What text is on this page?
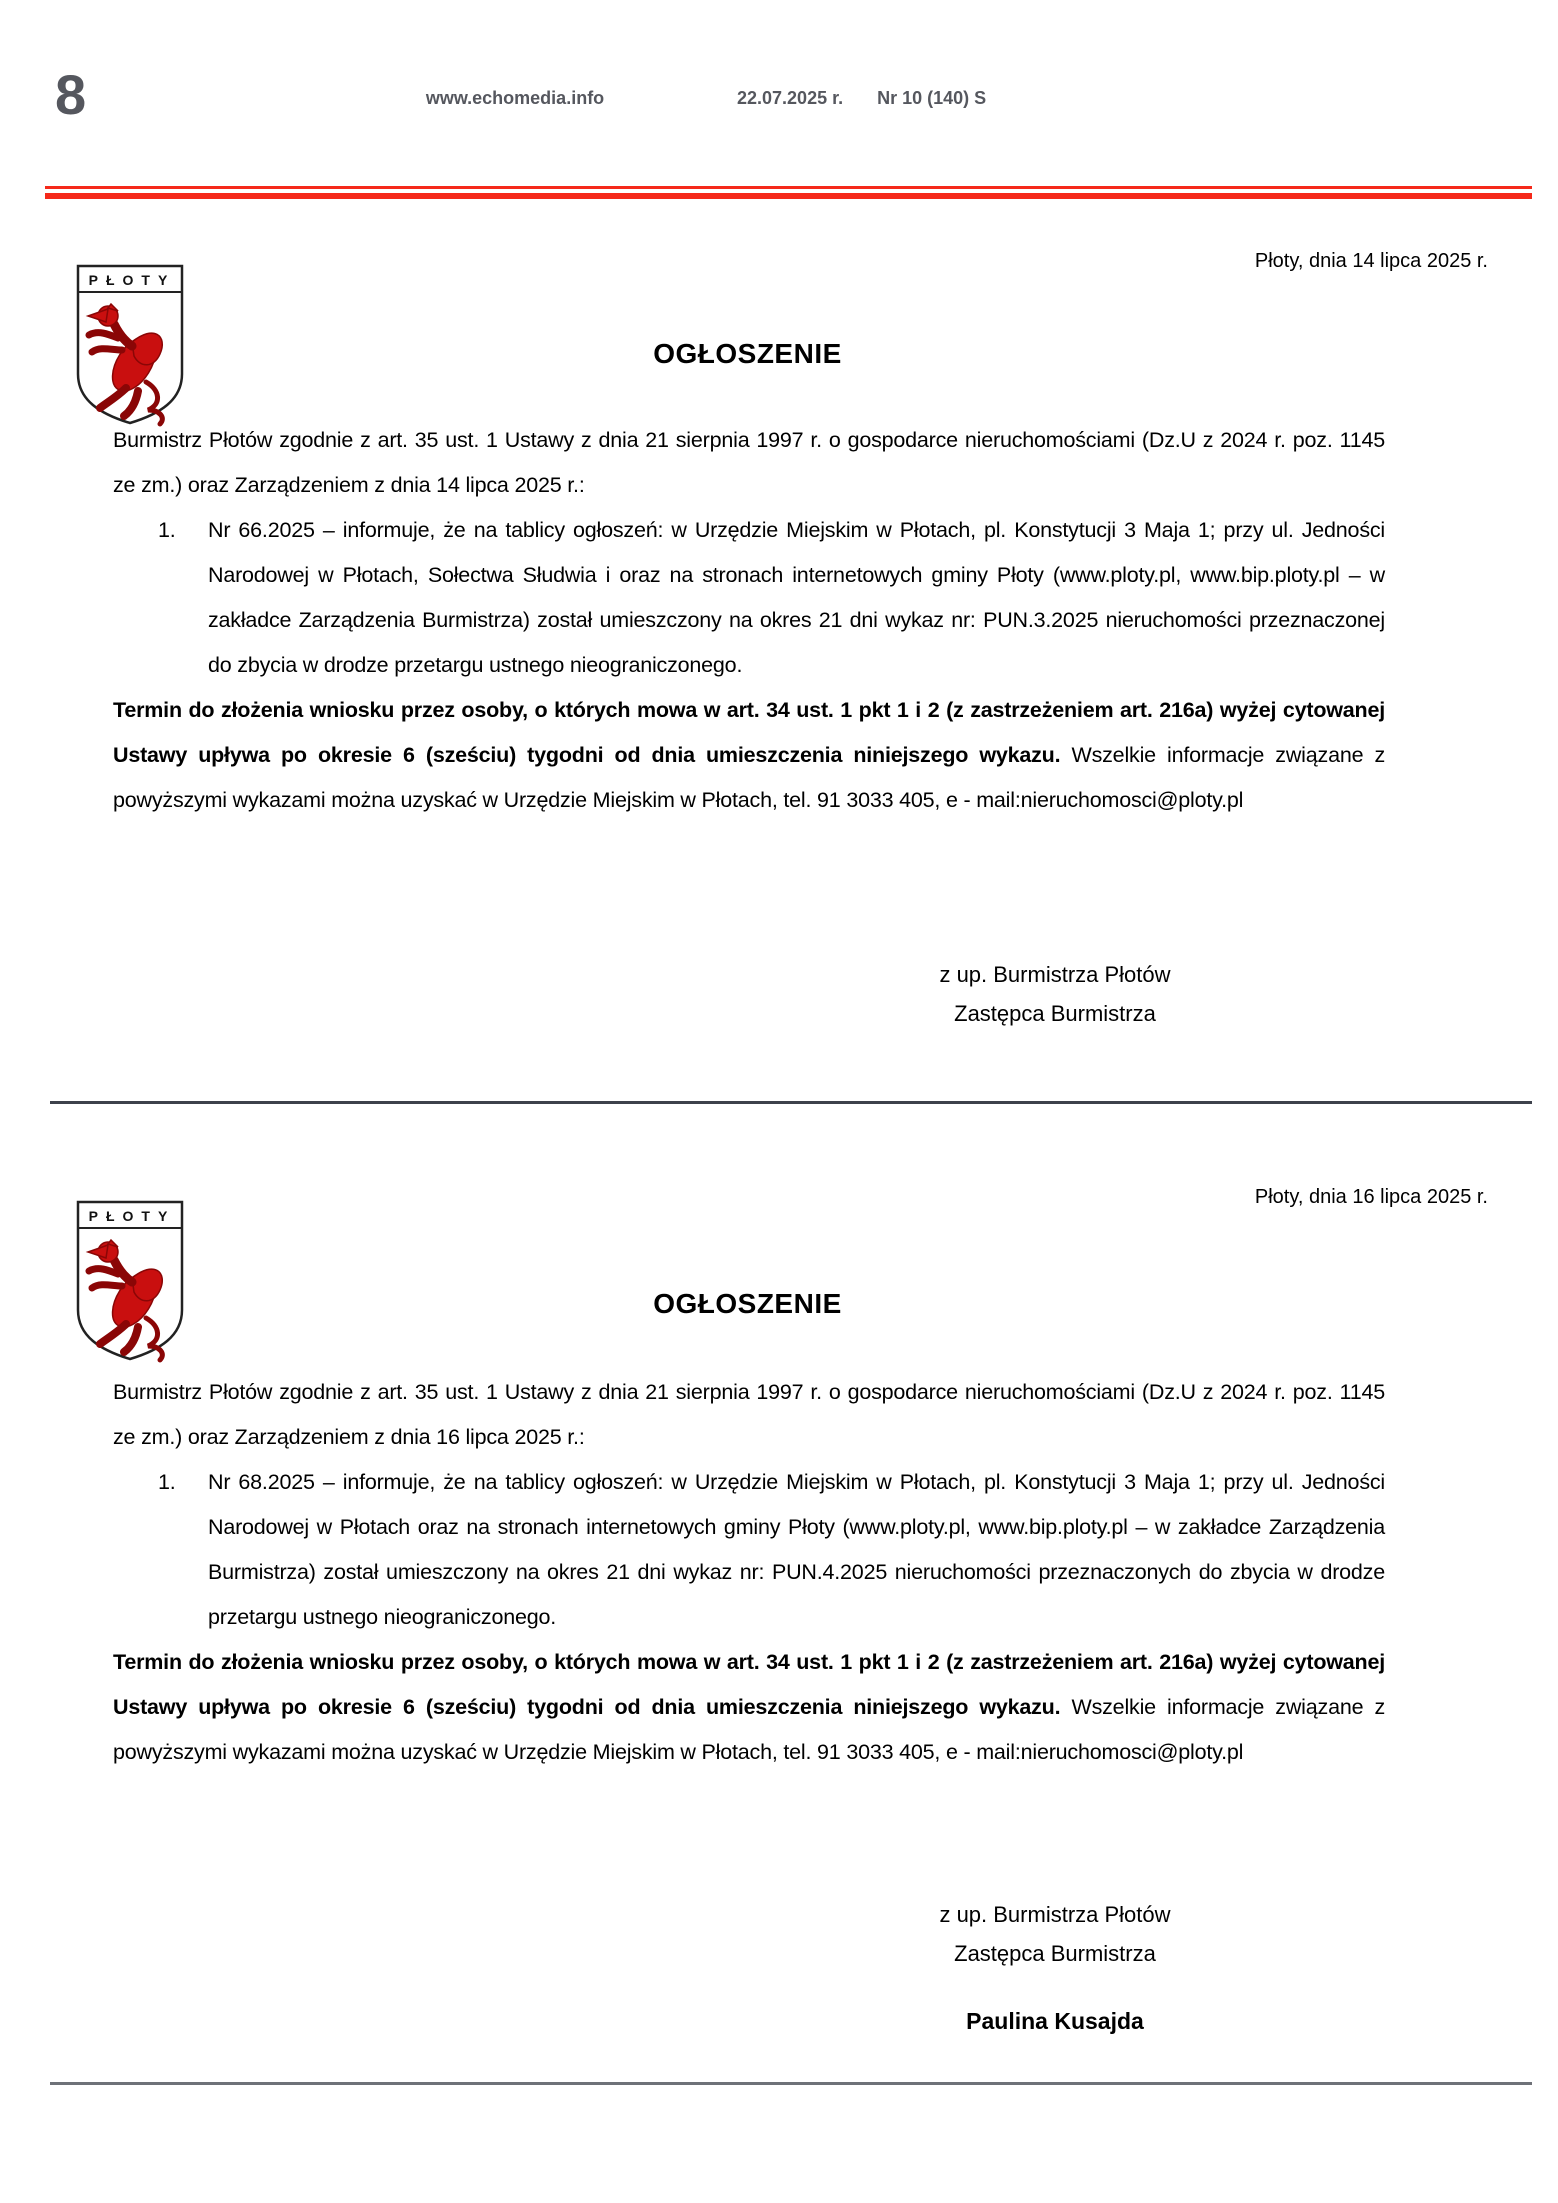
8	www.echomedia.info	22.07.2025 r. Nr 10 (140) S
Płoty, dnia 14 lipca 2025 r.
PŁOTY
OGŁOSZENIE

Burmistrz Płotów zgodnie z art. 35 ust. 1 Ustawy z dnia 21 sierpnia 1997 r. o gospodarce nieruchomościami (Dz.U z 2024 r. poz. 1145 ze zm.) oraz Zarządzeniem z dnia 14 lipca 2025 r.:

1.	Nr 66.2025 – informuje, że na tablicy ogłoszeń: w Urzędzie Miejskim w Płotach, pl. Konstytucji 3 Maja 1; przy ul. Jedności Narodowej w Płotach, Sołectwa Słudwia i oraz na stronach internetowych gminy Płoty (www.ploty.pl, www.bip.ploty.pl – w zakładce Zarządzenia Burmistrza) został umieszczony na okres 21 dni wykaz nr: PUN.3.2025 nieruchomości przeznaczonej do zbycia w drodze przetargu ustnego nieograniczonego.

Termin do złożenia wniosku przez osoby, o których mowa w art. 34 ust. 1 pkt 1 i 2 (z zastrzeżeniem art. 216a) wyżej cytowanej Ustawy upływa po okresie 6 (sześciu) tygodni od dnia umieszczenia niniejszego wykazu. Wszelkie informacje związane z powyższymi wykazami można uzyskać w Urzędzie Miejskim w Płotach, tel. 91 3033 405, e - mail:nieruchomosci@ploty.pl

z up. Burmistrza Płotów
Zastępca Burmistrza
Płoty, dnia 16 lipca 2025 r.
PŁOTY
OGŁOSZENIE

Burmistrz Płotów zgodnie z art. 35 ust. 1 Ustawy z dnia 21 sierpnia 1997 r. o gospodarce nieruchomościami (Dz.U z 2024 r. poz. 1145 ze zm.) oraz Zarządzeniem z dnia 16 lipca 2025 r.:

1.	Nr 68.2025 – informuje, że na tablicy ogłoszeń: w Urzędzie Miejskim w Płotach, pl. Konstytucji 3 Maja 1; przy ul. Jedności Narodowej w Płotach oraz na stronach internetowych gminy Płoty (www.ploty.pl, www.bip.ploty.pl – w zakładce Zarządzenia Burmistrza) został umieszczony na okres 21 dni wykaz nr: PUN.4.2025 nieruchomości przeznaczonych do zbycia w drodze przetargu ustnego nieograniczonego.

Termin do złożenia wniosku przez osoby, o których mowa w art. 34 ust. 1 pkt 1 i 2 (z zastrzeżeniem art. 216a) wyżej cytowanej Ustawy upływa po okresie 6 (sześciu) tygodni od dnia umieszczenia niniejszego wykazu. Wszelkie informacje związane z powyższymi wykazami można uzyskać w Urzędzie Miejskim w Płotach, tel. 91 3033 405, e - mail:nieruchomosci@ploty.pl

z up. Burmistrza Płotów
Zastępca Burmistrza
Paulina Kusajda
